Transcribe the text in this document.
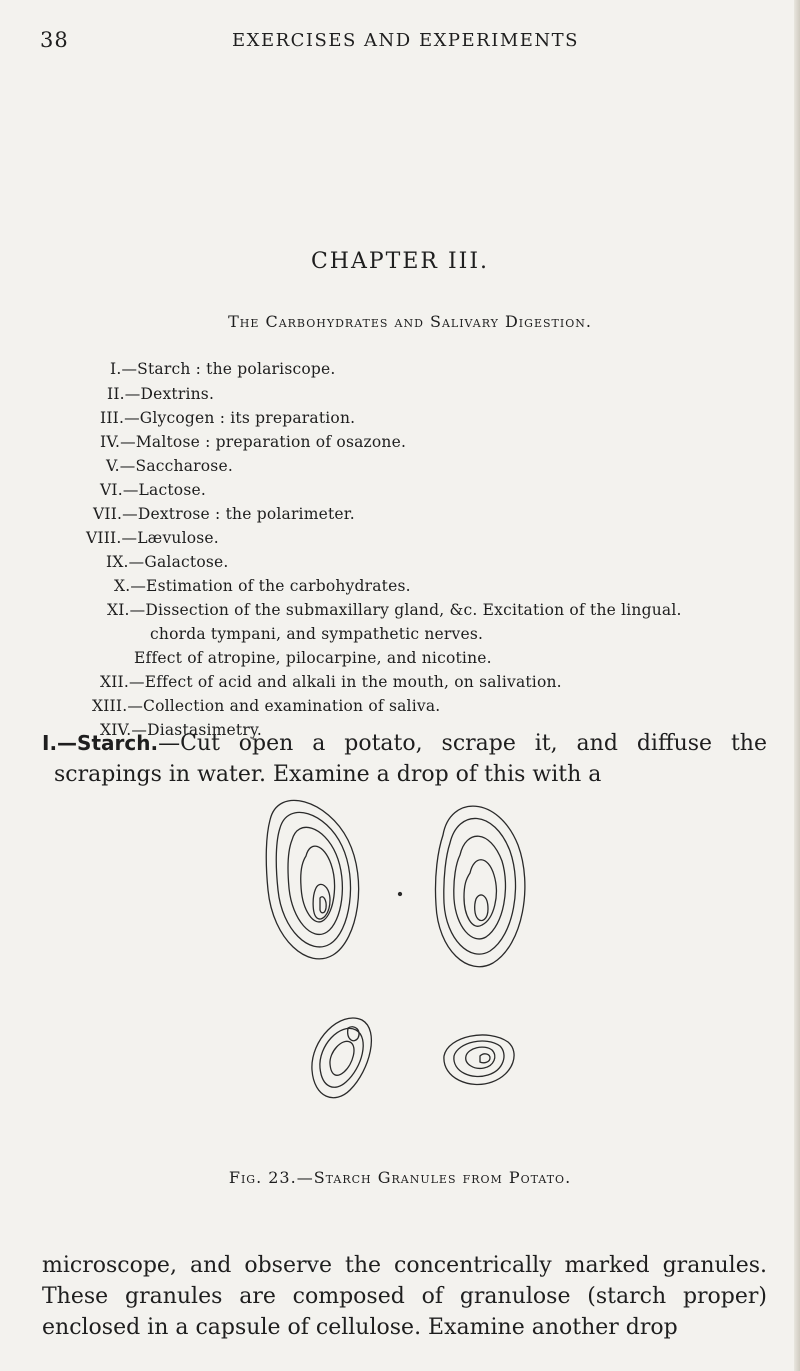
38	EXERCISES AND EXPERIMENTS
CHAPTER III.
The Carbohydrates and Salivary Digestion.
I.—Starch : the polariscope.
II.—Dextrins.
III.—Glycogen : its preparation.
IV.—Maltose : preparation of osazone.
V.—Saccharose.
VI.—Lactose.
VII.—Dextrose : the polarimeter.
VIII.—Lævulose.
IX.—Galactose.
X.—Estimation of the carbohydrates.
XI.—Dissection of the submaxillary gland, &c. Excitation of the lingual.
chorda tympani, and sympathetic nerves.
Effect of atropine, pilocarpine, and nicotine.
XII.—Effect of acid and alkali in the mouth, on salivation.
XIII.—Collection and examination of saliva.
XIV.—Diastasimetry.
I.—Starch.—Cut open a potato, scrape it, and diffuse the scrapings in water. Examine a drop of this with a
Fig. 23.—Starch Granules from Potato.
microscope, and observe the concentrically marked granules. These granules are composed of granulose (starch proper) enclosed in a capsule of cellulose. Examine another drop
